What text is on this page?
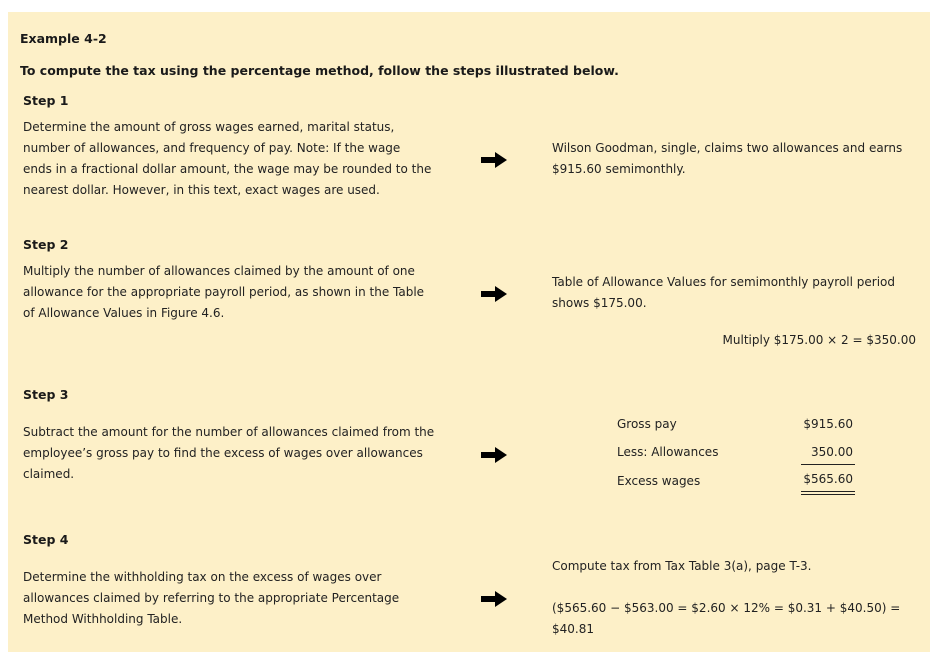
Example 4-2
To compute the tax using the percentage method, follow the steps illustrated below.
Step 1
Determine the amount of gross wages earned, marital status,
number of allowances, and frequency of pay. Note: If the wage
ends in a fractional dollar amount, the wage may be rounded to the
nearest dollar. However, in this text, exact wages are used.
Wilson Goodman, single, claims two allowances and earns
$915.60 semimonthly.
Step 2
Multiply the number of allowances claimed by the amount of one
allowance for the appropriate payroll period, as shown in the Table
of Allowance Values in Figure 4.6.
Table of Allowance Values for semimonthly payroll period
shows $175.00.
Multiply $175.00 × 2 = $350.00
Step 3
Subtract the amount for the number of allowances claimed from the
employee’s gross pay to find the excess of wages over allowances
claimed.
Gross pay	$915.60
Less: Allowances	350.00
Excess wages	$565.60
Step 4
Determine the withholding tax on the excess of wages over
allowances claimed by referring to the appropriate Percentage
Method Withholding Table.
Compute tax from Tax Table 3(a), page T-3.
($565.60 − $563.00 = $2.60 × 12% = $0.31 + $40.50) =
$40.81
